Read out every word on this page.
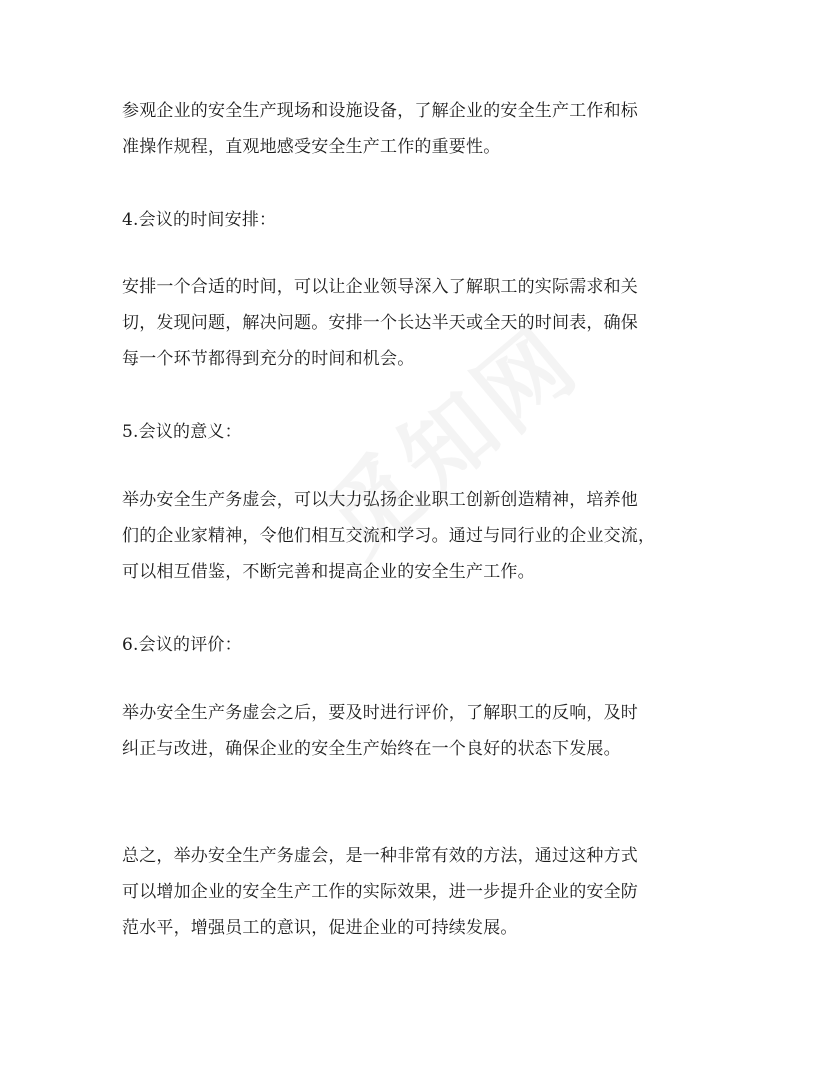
参观企业的安全生产现场和设施设备，了解企业的安全生产工作和标
准操作规程，直观地感受安全生产工作的重要性。
4.会议的时间安排：
安排一个合适的时间，可以让企业领导深入了解职工的实际需求和关
切，发现问题，解决问题。安排一个长达半天或全天的时间表，确保
每一个环节都得到充分的时间和机会。
5.会议的意义：
举办安全生产务虚会，可以大力弘扬企业职工创新创造精神，培养他
们的企业家精神，令他们相互交流和学习。通过与同行业的企业交流，
可以相互借鉴，不断完善和提高企业的安全生产工作。
6.会议的评价：
举办安全生产务虚会之后，要及时进行评价，了解职工的反响，及时
纠正与改进，确保企业的安全生产始终在一个良好的状态下发展。
总之，举办安全生产务虚会，是一种非常有效的方法，通过这种方式
可以增加企业的安全生产工作的实际效果，进一步提升企业的安全防
范水平，增强员工的意识，促进企业的可持续发展。
